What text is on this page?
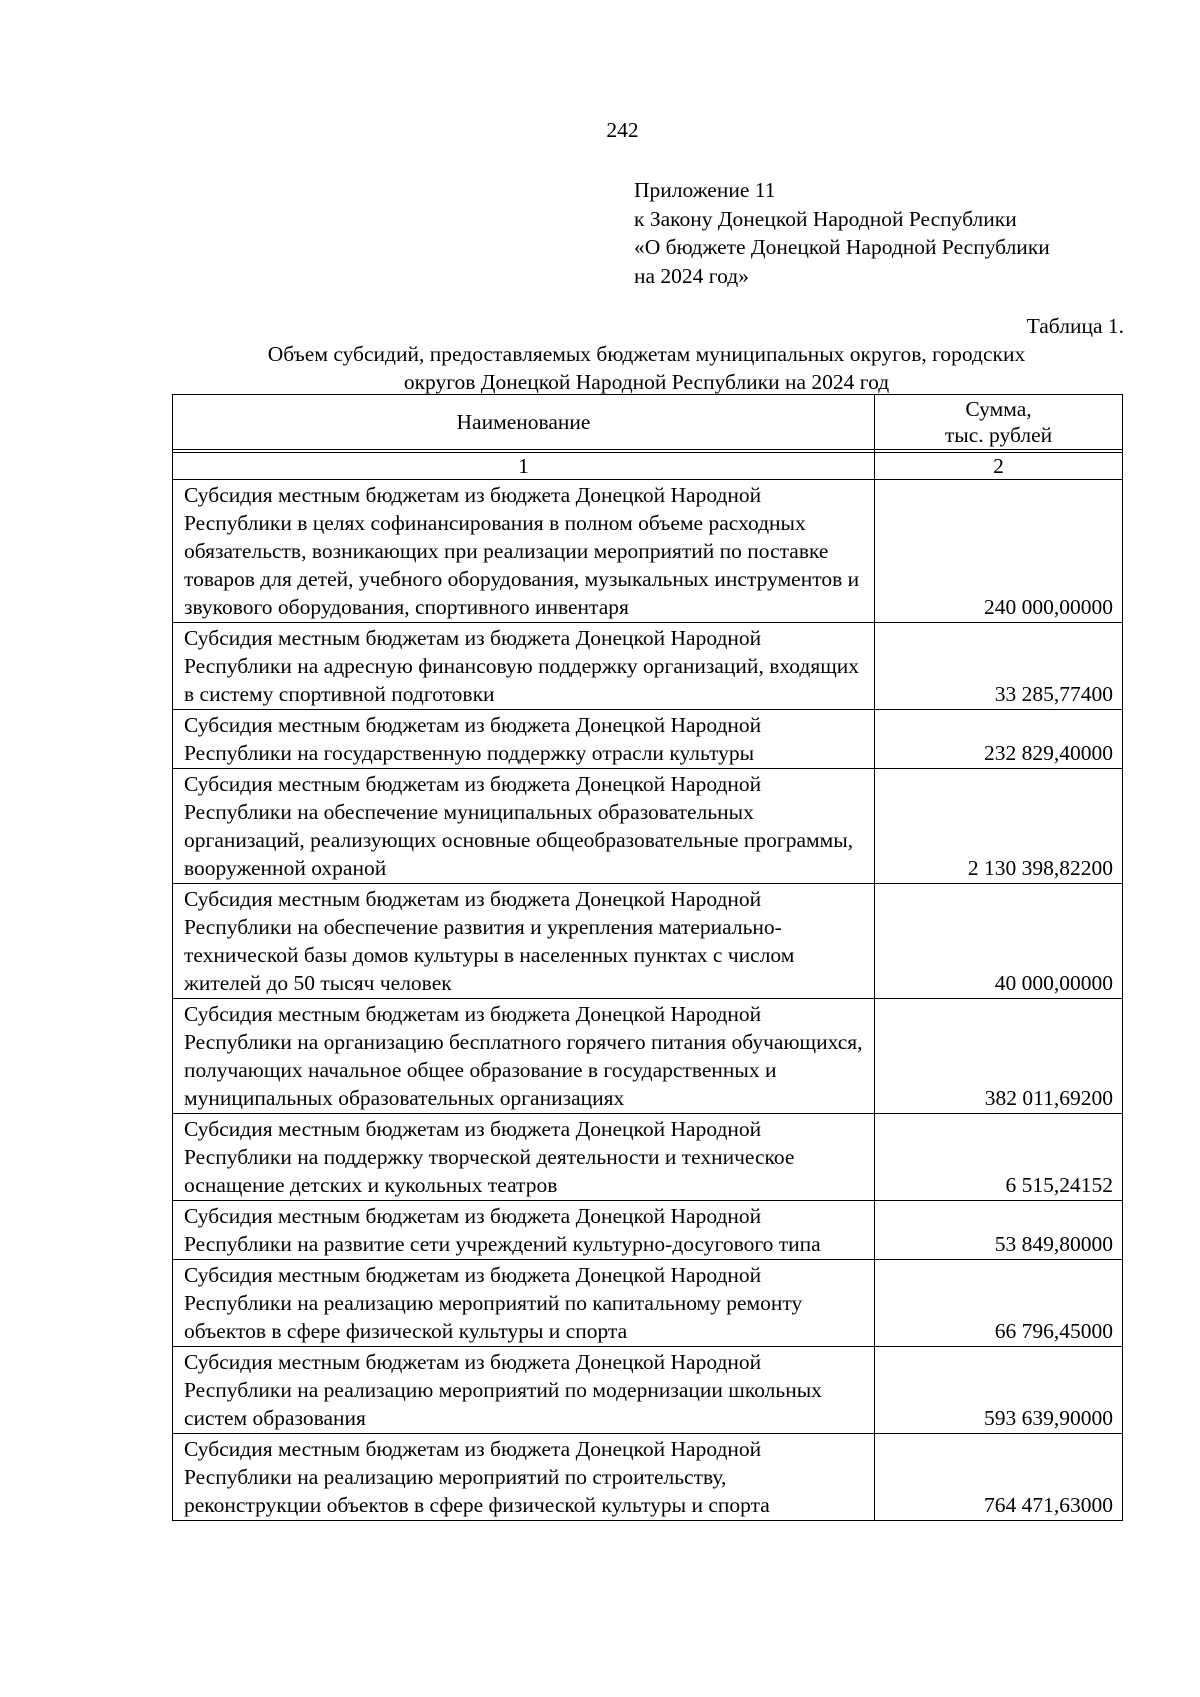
242
Приложение 11
к Закону Донецкой Народной Республики
«О бюджете Донецкой Народной Республики
на 2024 год»
Таблица 1.
Объем субсидий, предоставляемых бюджетам муниципальных округов, городских
округов Донецкой Народной Республики на 2024 год
Наименование	Сумма,
тыс. рублей

1	2
Субсидия местным бюджетам из бюджета Донецкой Народной Республики в целях софинансирования в полном объеме расходных обязательств, возникающих при реализации мероприятий по поставке товаров для детей, учебного оборудования, музыкальных инструментов и звукового оборудования, спортивного инвентаря	240 000,00000
Субсидия местным бюджетам из бюджета Донецкой Народной Республики на адресную финансовую поддержку организаций, входящих в систему спортивной подготовки	33 285,77400
Субсидия местным бюджетам из бюджета Донецкой Народной Республики на государственную поддержку отрасли культуры	232 829,40000
Субсидия местным бюджетам из бюджета Донецкой Народной Республики на обеспечение муниципальных образовательных организаций, реализующих основные общеобразовательные программы, вооруженной охраной	2 130 398,82200
Субсидия местным бюджетам из бюджета Донецкой Народной Республики на обеспечение развития и укрепления материально-технической базы домов культуры в населенных пунктах с числом жителей до 50 тысяч человек	40 000,00000
Субсидия местным бюджетам из бюджета Донецкой Народной Республики на организацию бесплатного горячего питания обучающихся, получающих начальное общее образование в государственных и муниципальных образовательных организациях	382 011,69200
Субсидия местным бюджетам из бюджета Донецкой Народной Республики на поддержку творческой деятельности и техническое оснащение детских и кукольных театров	6 515,24152
Субсидия местным бюджетам из бюджета Донецкой Народной Республики на развитие сети учреждений культурно-досугового типа	53 849,80000
Субсидия местным бюджетам из бюджета Донецкой Народной Республики на реализацию мероприятий по капитальному ремонту объектов в сфере физической культуры и спорта	66 796,45000
Субсидия местным бюджетам из бюджета Донецкой Народной Республики на реализацию мероприятий по модернизации школьных систем образования	593 639,90000
Субсидия местным бюджетам из бюджета Донецкой Народной Республики на реализацию мероприятий по строительству, реконструкции объектов в сфере физической культуры и спорта	764 471,63000
